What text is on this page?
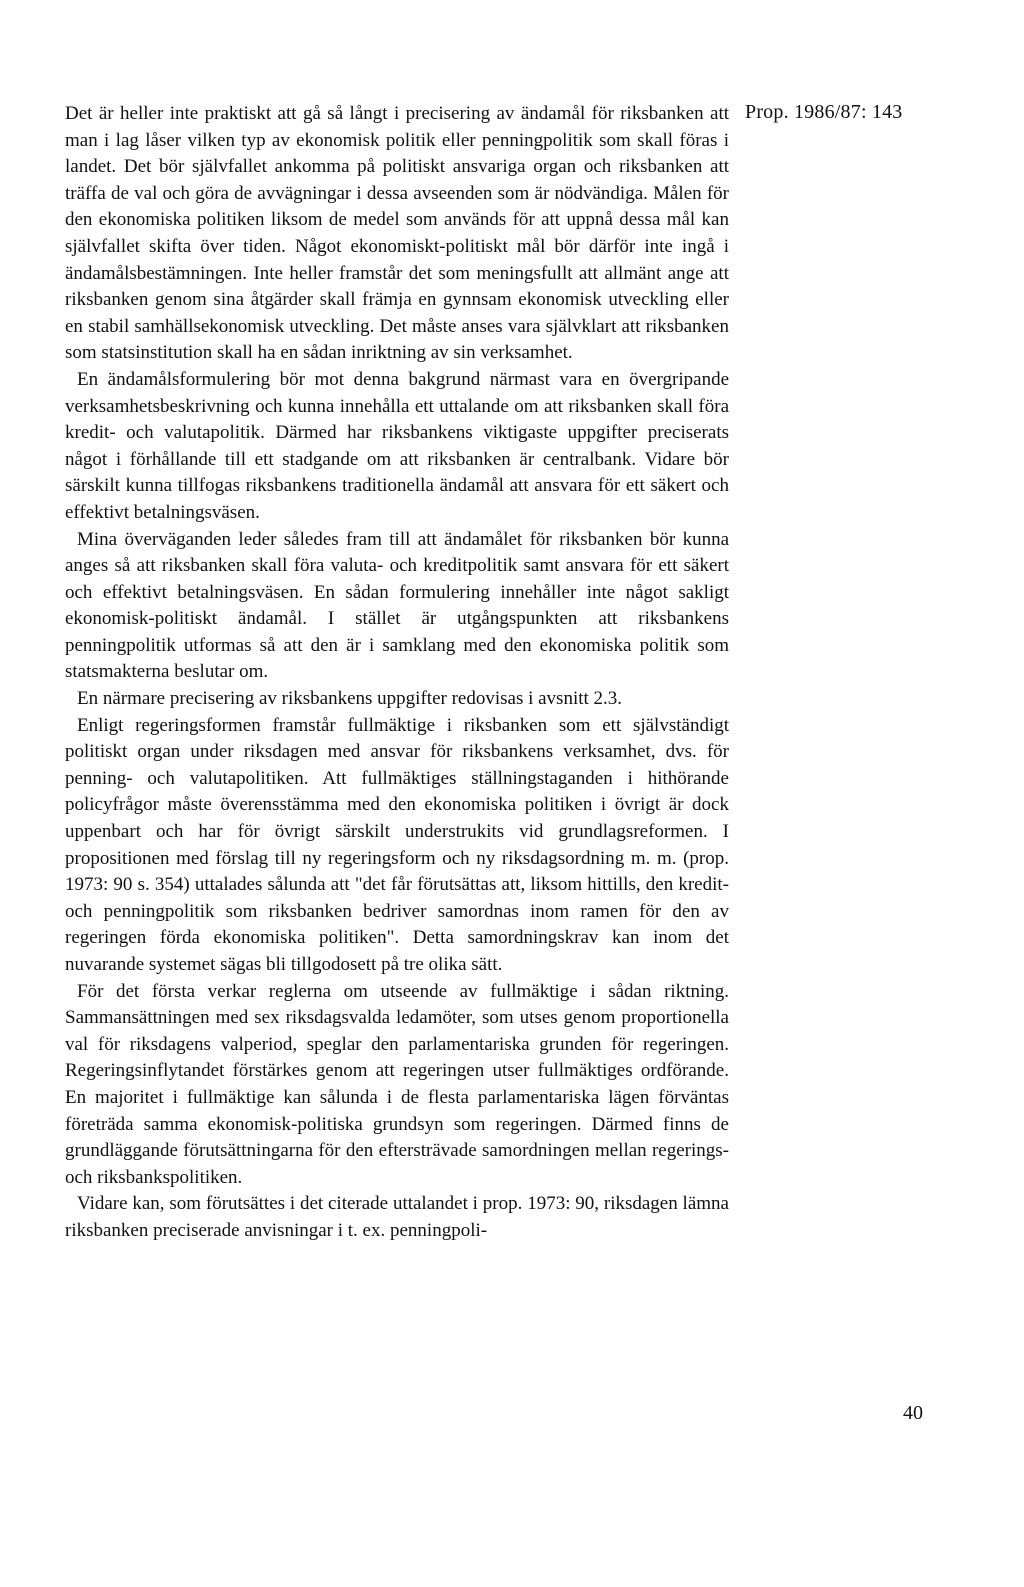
Prop. 1986/87: 143

Det är heller inte praktiskt att gå så långt i precisering av ändamål för riksbanken att man i lag låser vilken typ av ekonomisk politik eller penningpolitik som skall föras i landet. Det bör självfallet ankomma på politiskt ansvariga organ och riksbanken att träffa de val och göra de avvägningar i dessa avseenden som är nödvändiga. Målen för den ekonomiska politiken liksom de medel som används för att uppnå dessa mål kan självfallet skifta över tiden. Något ekonomiskt-politiskt mål bör därför inte ingå i ändamålsbestämningen. Inte heller framstår det som meningsfullt att allmänt ange att riksbanken genom sina åtgärder skall främja en gynnsam ekonomisk utveckling eller en stabil samhällsekonomisk utveckling. Det måste anses vara självklart att riksbanken som statsinstitution skall ha en sådan inriktning av sin verksamhet.

En ändamålsformulering bör mot denna bakgrund närmast vara en övergripande verksamhetsbeskrivning och kunna innehålla ett uttalande om att riksbanken skall föra kredit- och valutapolitik. Därmed har riksbankens viktigaste uppgifter preciserats något i förhållande till ett stadgande om att riksbanken är centralbank. Vidare bör särskilt kunna tillfogas riksbankens traditionella ändamål att ansvara för ett säkert och effektivt betalningsväsen.

Mina överväganden leder således fram till att ändamålet för riksbanken bör kunna anges så att riksbanken skall föra valuta- och kreditpolitik samt ansvara för ett säkert och effektivt betalningsväsen. En sådan formulering innehåller inte något sakligt ekonomisk-politiskt ändamål. I stället är utgångspunkten att riksbankens penningpolitik utformas så att den är i samklang med den ekonomiska politik som statsmakterna beslutar om.

En närmare precisering av riksbankens uppgifter redovisas i avsnitt 2.3.

Enligt regeringsformen framstår fullmäktige i riksbanken som ett självständigt politiskt organ under riksdagen med ansvar för riksbankens verksamhet, dvs. för penning- och valutapolitiken. Att fullmäktiges ställningstaganden i hithörande policyfrågor måste överensstämma med den ekonomiska politiken i övrigt är dock uppenbart och har för övrigt särskilt understrukits vid grundlagsreformen. I propositionen med förslag till ny regeringsform och ny riksdagsordning m. m. (prop. 1973: 90 s. 354) uttalades sålunda att "det får förutsättas att, liksom hittills, den kredit- och penningpolitik som riksbanken bedriver samordnas inom ramen för den av regeringen förda ekonomiska politiken". Detta samordningskrav kan inom det nuvarande systemet sägas bli tillgodosett på tre olika sätt.

För det första verkar reglerna om utseende av fullmäktige i sådan riktning. Sammansättningen med sex riksdagsvalda ledamöter, som utses genom proportionella val för riksdagens valperiod, speglar den parlamentariska grunden för regeringen. Regeringsinflytandet förstärkes genom att regeringen utser fullmäktiges ordförande. En majoritet i fullmäktige kan sålunda i de flesta parlamentariska lägen förväntas företräda samma ekonomisk-politiska grundsyn som regeringen. Därmed finns de grundläggande förutsättningarna för den eftersträvade samordningen mellan regerings- och riksbankspolitiken.

Vidare kan, som förutsättes i det citerade uttalandet i prop. 1973: 90, riksdagen lämna riksbanken preciserade anvisningar i t. ex. penningpoli-

40
